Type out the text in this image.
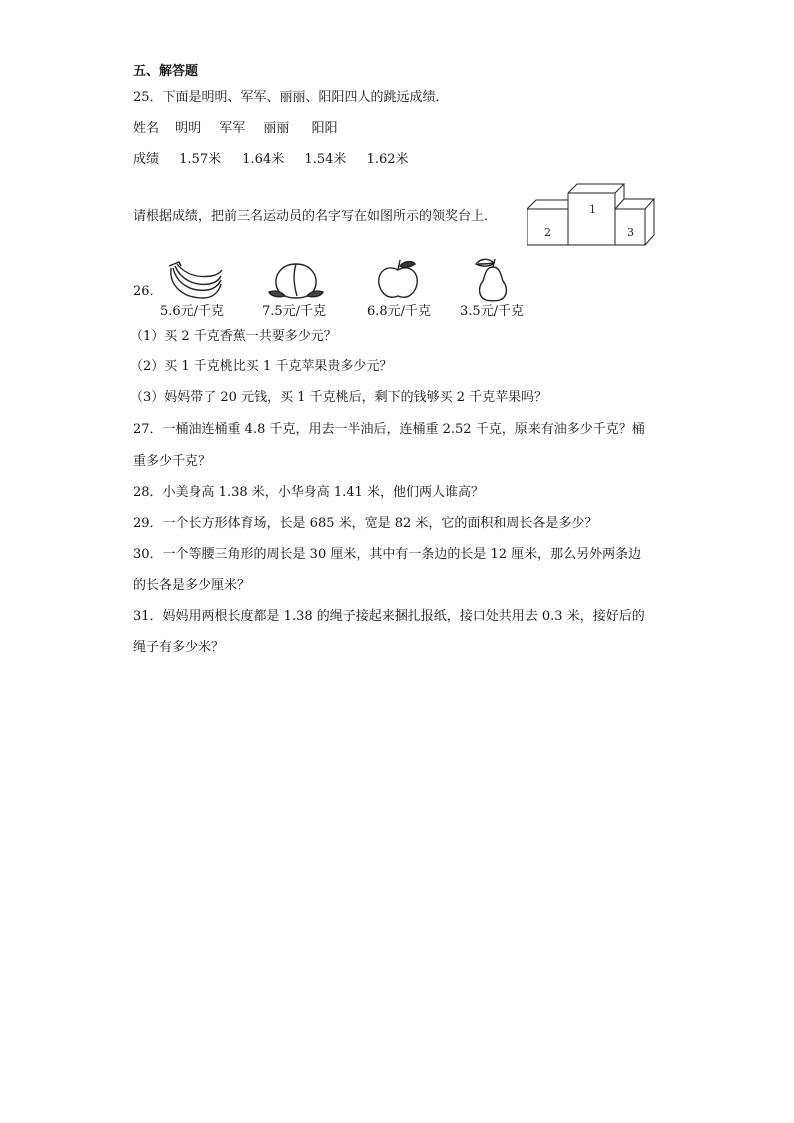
五、解答题
25．下面是明明、军军、丽丽、阳阳四人的跳远成绩．
姓名 明明 军军 丽丽 阳阳
成绩 1.57米 1.64米 1.54米 1.62米
请根据成绩，把前三名运动员的名字写在如图所示的领奖台上．	1
2	3
26．
5.6元/千克	7.5元/千克	6.8元/千克 3.5元/千克
（1）买 2 千克香蕉一共要多少元？
（2）买 1 千克桃比买 1 千克苹果贵多少元？
（3）妈妈带了 20 元钱，买 1 千克桃后，剩下的钱够买 2 千克苹果吗？
27．一桶油连桶重 4.8 千克，用去一半油后，连桶重 2.52 千克，原来有油多少千克？桶
重多少千克？
28．小美身高 1.38 米，小华身高 1.41 米，他们两人谁高？
29．一个长方形体育场，长是 685 米，宽是 82 米，它的面积和周长各是多少？
30．一个等腰三角形的周长是 30 厘米，其中有一条边的长是 12 厘米，那么另外两条边
的长各是多少厘米？
31．妈妈用两根长度都是 1.38 的绳子接起来捆扎报纸，接口处共用去 0.3 米，接好后的
绳子有多少米？
